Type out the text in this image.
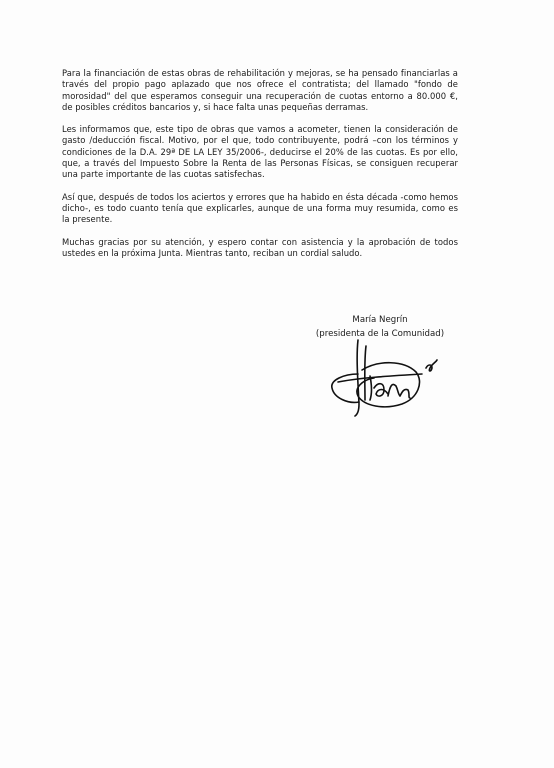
Para la financiación de estas obras de rehabilitación y mejoras, se ha pensado financiarlas a través del propio pago aplazado que nos ofrece el contratista; del llamado "fondo de morosidad" del que esperamos conseguir una recuperación de cuotas entorno a 80.000 €, de posibles créditos bancarios y, si hace falta unas pequeñas derramas.

Les informamos que, este tipo de obras que vamos a acometer, tienen la consideración de gasto /deducción fiscal. Motivo, por el que, todo contribuyente, podrá –con los términos y condiciones de la D.A. 29ª DE LA LEY 35/2006-, deducirse el 20% de las cuotas. Es por ello, que, a través del Impuesto Sobre la Renta de las Personas Físicas, se consiguen recuperar una parte importante de las cuotas satisfechas.

Así que, después de todos los aciertos y errores que ha habido en ésta década -como hemos dicho-, es todo cuanto tenía que explicarles, aunque de una forma muy resumida, como es la presente.

Muchas gracias por su atención, y espero contar con asistencia y la aprobación de todos ustedes en la próxima Junta. Mientras tanto, reciban un cordial saludo.

María Negrín
(presidenta de la Comunidad)
